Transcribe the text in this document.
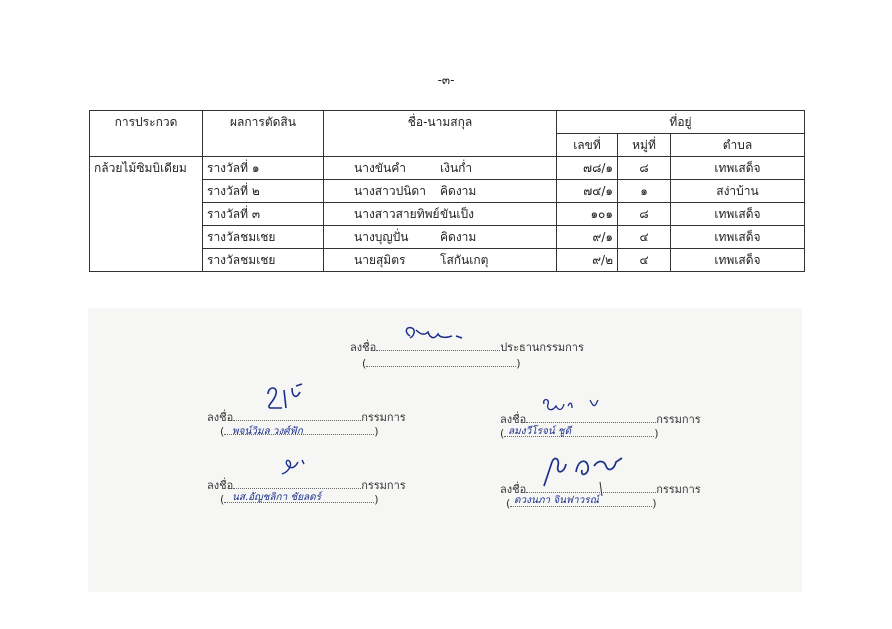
-๓-
การประกวด	ผลการตัดสิน	ชื่อ-นามสกุล	ที่อยู่		
			เลขที่	หมู่ที่	ตำบล
กล้วยไม้ซิมบิเดียม	รางวัลที่ ๑	นางขันคำ เงินก่ำ	๗๘/๑	๘	เทพเสด็จ
	รางวัลที่ ๒	นางสาวปนิดา คิดงาม	๗๔/๑	๑	สง่าบ้าน
	รางวัลที่ ๓	นางสาวสายทิพย์ ขันเป็ง	๑๐๑	๘	เทพเสด็จ
	รางวัลชมเชย	นางบุญปั่น คิดงาม	๙/๑	๔	เทพเสด็จ
	รางวัลชมเชย	นายสุมิตร โสกันเกตุ	๙/๒	๔	เทพเสด็จ
ลงชื่อ	ประธานกรรมการ
(	)
ลงชื่อ	กรรมการ
(	)
พจน์วิมล วงศ์ฟัก
ลงชื่อ	กรรมการ
(	)
ลมงวีโรจน์ ชูดี
ลงชื่อ	กรรมการ
(	)
นส.อัญชลิกา ชัยลดร์
ลงชื่อ	กรรมการ
(	)
ดวงนภา จินฟาวรณ์
